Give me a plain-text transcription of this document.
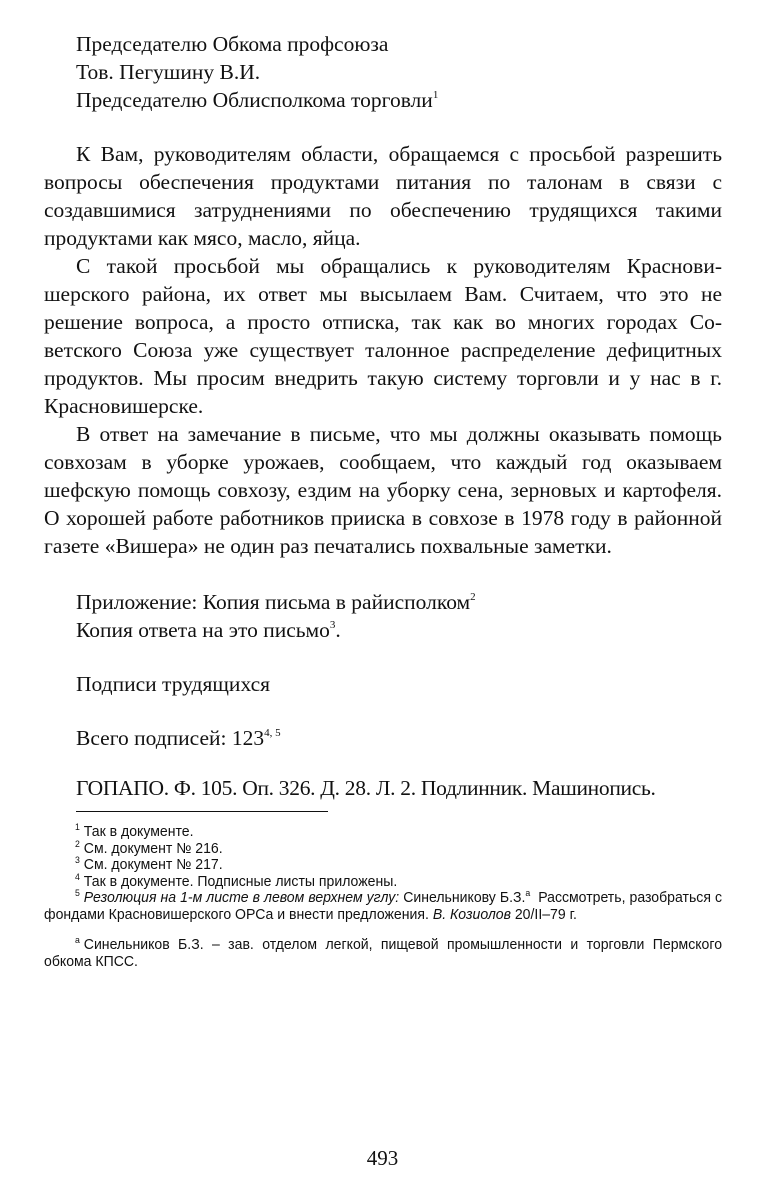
Председателю Обкома профсоюза
Тов. Пегушину В.И.
Председателю Облисполкома торговли$^1$

К Вам, руководителям области, обращаемся с просьбой разрешить вопросы обеспечения продуктами питания по талонам в связи с создавшимися затруднениями по обеспечению трудящихся такими продуктами как мясо, масло, яйца.

С такой просьбой мы обращались к руководителям Красновишерского района, их ответ мы высылаем Вам. Считаем, что это не решение вопроса, а просто отписка, так как во многих городах Советского Союза уже существует талонное распределение дефицитных продуктов. Мы просим внедрить такую систему торговли и у нас в г. Красновишерске.

В ответ на замечание в письме, что мы должны оказывать помощь совхозам в уборке урожаев, сообщаем, что каждый год оказываем шефскую помощь совхозу, ездим на уборку сена, зерновых и картофеля. О хорошей работе работников прииска в совхозе в 1978 году в районной газете «Вишера» не один раз печатались похвальные заметки.

Приложение: Копия письма в райисполком$^2$
Копия ответа на это письмо$^3$.
Подписи трудящихся
Всего подписей: 123$^{4, 5}$
ГОПАПО. Ф. 105. Оп. 326. Д. 28. Л. 2. Подлинник. Машинопись.

$^1$ Так в документе.

$^2$ См. документ № 216.

$^3$ См. документ № 217.

$^4$ Так в документе. Подписные листы приложены.

$^5$ Резолюция на 1-м листе в левом верхнем углу: Синельникову Б.З.$^a$ Рассмотреть, разобраться с фондами Красновишерского ОРСа и внести предложения. В. Козиолов 20/II–79 г.

$^a$ Синельников Б.З. – зав. отделом легкой, пищевой промышленности и торговли Пермского обкома КПСС.

493
